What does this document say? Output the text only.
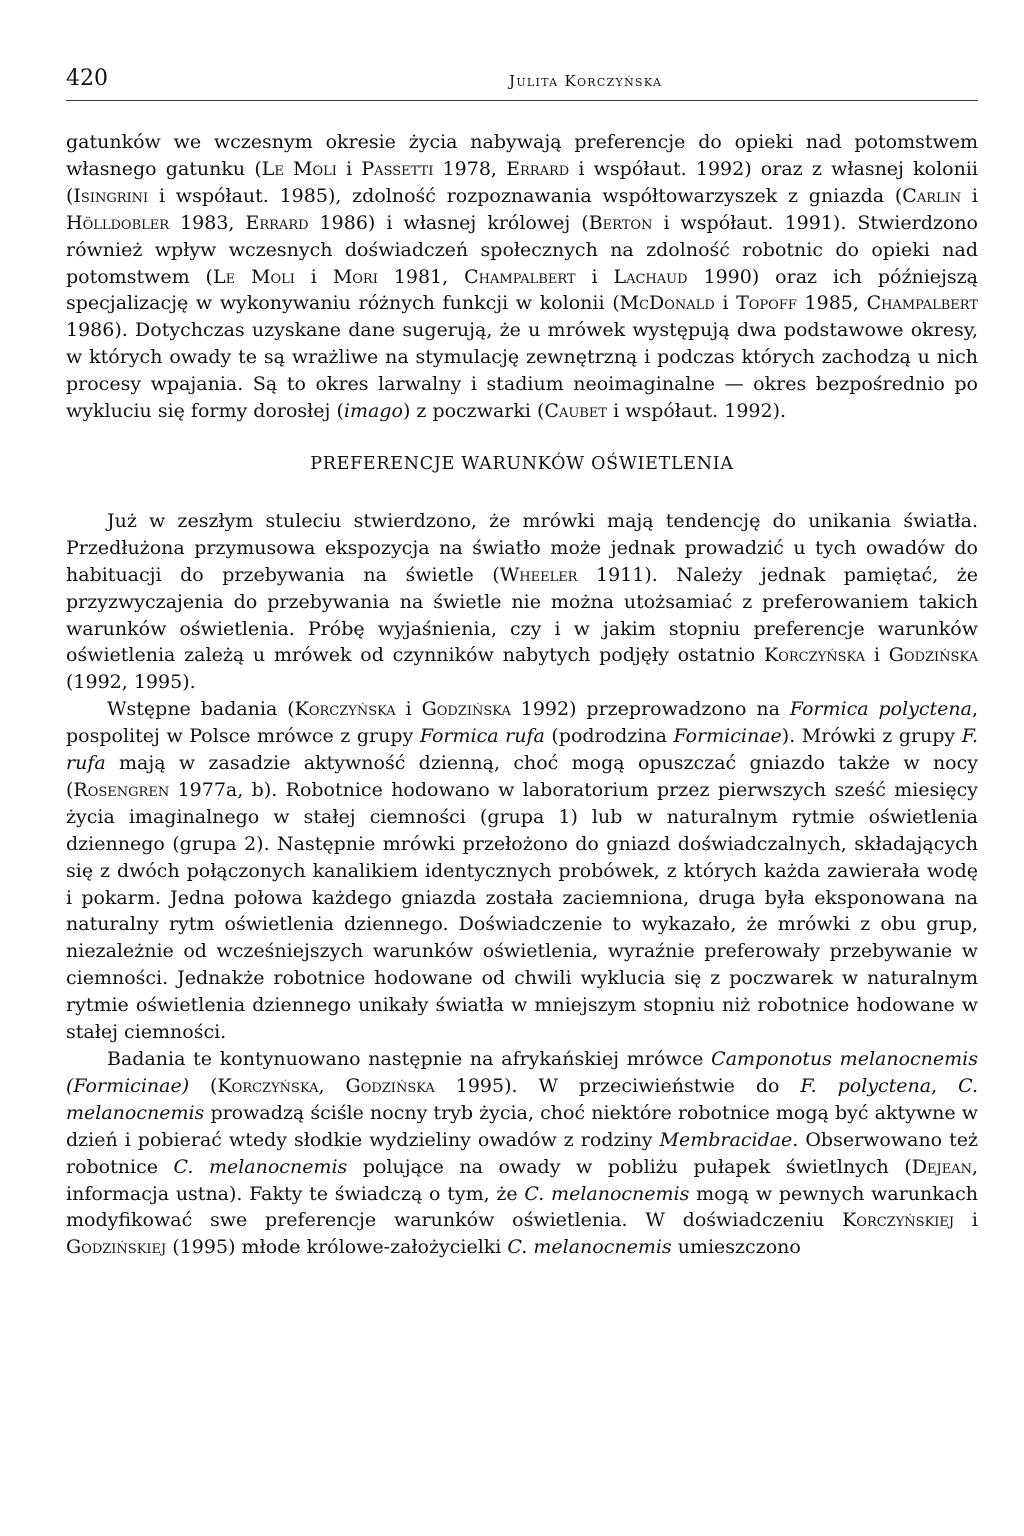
420	Julita Korczyńska

gatunków we wczesnym okresie życia nabywają preferencje do opieki nad potomstwem własnego gatunku (Le Moli i Passetti 1978, Errard i współaut. 1992) oraz z własnej kolonii (Isingrini i współaut. 1985), zdolność rozpoznawania współtowarzyszek z gniazda (Carlin i Hölldobler 1983, Errard 1986) i własnej królowej (Berton i współaut. 1991). Stwierdzono również wpływ wczesnych doświadczeń społecznych na zdolność robotnic do opieki nad potomstwem (Le Moli i Mori 1981, Champalbert i Lachaud 1990) oraz ich późniejszą specjalizację w wykonywaniu różnych funkcji w kolonii (McDonald i Topoff 1985, Champalbert 1986). Dotychczas uzyskane dane sugerują, że u mrówek występują dwa podstawowe okresy, w których owady te są wrażliwe na stymulację zewnętrzną i podczas których zachodzą u nich procesy wpajania. Są to okres larwalny i stadium neoimaginalne — okres bezpośrednio po wykluciu się formy dorosłej (imago) z poczwarki (Caubet i współaut. 1992).

PREFERENCJE WARUNKÓW OŚWIETLENIA

Już w zeszłym stuleciu stwierdzono, że mrówki mają tendencję do unikania światła. Przedłużona przymusowa ekspozycja na światło może jednak prowadzić u tych owadów do habituacji do przebywania na świetle (Wheeler 1911). Należy jednak pamiętać, że przyzwyczajenia do przebywania na świetle nie można utożsamiać z preferowaniem takich warunków oświetlenia. Próbę wyjaśnienia, czy i w jakim stopniu preferencje warunków oświetlenia zależą u mrówek od czynników nabytych podjęły ostatnio Korczyńska i Godzińska (1992, 1995).

Wstępne badania (Korczyńska i Godzińska 1992) przeprowadzono na Formica polyctena, pospolitej w Polsce mrówce z grupy Formica rufa (podrodzina Formicinae). Mrówki z grupy F. rufa mają w zasadzie aktywność dzienną, choć mogą opuszczać gniazdo także w nocy (Rosengren 1977a, b). Robotnice hodowano w laboratorium przez pierwszych sześć miesięcy życia imaginalnego w stałej ciemności (grupa 1) lub w naturalnym rytmie oświetlenia dziennego (grupa 2). Następnie mrówki przełożono do gniazd doświadczalnych, składających się z dwóch połączonych kanalikiem identycznych probówek, z których każda zawierała wodę i pokarm. Jedna połowa każdego gniazda została zaciemniona, druga była eksponowana na naturalny rytm oświetlenia dziennego. Doświadczenie to wykazało, że mrówki z obu grup, niezależnie od wcześniejszych warunków oświetlenia, wyraźnie preferowały przebywanie w ciemności. Jednakże robotnice hodowane od chwili wyklucia się z poczwarek w naturalnym rytmie oświetlenia dziennego unikały światła w mniejszym stopniu niż robotnice hodowane w stałej ciemności.

Badania te kontynuowano następnie na afrykańskiej mrówce Camponotus melanocnemis (Formicinae) (Korczyńska, Godzińska 1995). W przeciwieństwie do F. polyctena, C. melanocnemis prowadzą ściśle nocny tryb życia, choć niektóre robotnice mogą być aktywne w dzień i pobierać wtedy słodkie wydzieliny owadów z rodziny Membracidae. Obserwowano też robotnice C. melanocnemis polujące na owady w pobliżu pułapek świetlnych (Dejean, informacja ustna). Fakty te świadczą o tym, że C. melanocnemis mogą w pewnych warunkach modyfikować swe preferencje warunków oświetlenia. W doświadczeniu Korczyńskiej i Godzińskiej (1995) młode królowe-założycielki C. melanocnemis umieszczono
